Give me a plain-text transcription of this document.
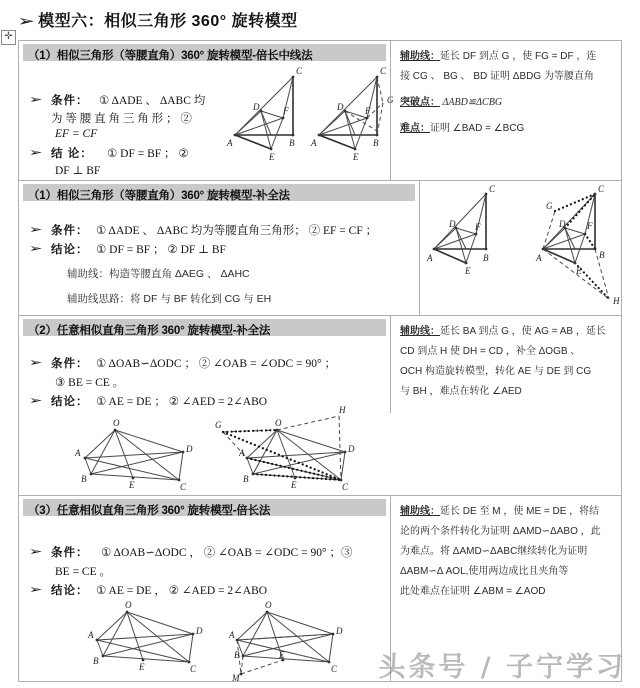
➢ 模型六：相似三角形 360° 旋转模型
✛
（1）相似三角形（等腰直角）360° 旋转模型-倍长中线法
➢ 条件： ① ΔADE 、 ΔABC 均
为 等 腰 直 角 三 角 形 ； ②
EF = CF
➢ 结 论： ① DF = BF ； ②
DF ⊥ BF
A	B
C
D
E
F
A	B
C
D
E
F
G
辅助线：延长 DF 到点 G ，使 FG = DF ，连
接 CG 、 BG 、 BD 证明 ΔBDG 为等腰直角
突破点： ΔABD≌ΔCBG
难点：证明 ∠BAD = ∠BCG
（1）相似三角形（等腰直角）360° 旋转模型-补全法
➢ 条件： ① ΔADE 、 ΔABC 均为等腰直角三角形； ② EF = CF ；
➢ 结论： ① DF = BF ； ② DF ⊥ BF
辅助线：构造等腰直角 ΔAEG 、 ΔAHC
辅助线思路：将 DF 与 BF 转化到 CG 与 EH
A	B
C
D
E
F
A	B
C
D
E
F
G
H
（2）任意相似直角三角形 360° 旋转模型-补全法
➢ 条件： ① ΔOAB∽ΔODC ； ② ∠OAB = ∠ODC = 90° ；
③ BE = CE 。
➢ 结论： ① AE = DE ； ② ∠AED = 2∠ABO
辅助线：延长 BA 到点 G ，使 AG = AB ，延长
CD 到点 H 使 DH = CD ，补全 ΔOGB 、
OCH 构造旋转模型，转化 AE 与 DE 到 CG
与 BH ，难点在转化 ∠AED
A
B
O
D
C
E
A
B
O
D
C
E
G
H
（3）任意相似直角三角形 360° 旋转模型-倍长法
➢ 条件： ① ΔOAB∽ΔODC ， ② ∠OAB = ∠ODC = 90° ；③
BE = CE 。
➢ 结论： ① AE = DE ， ② ∠AED = 2∠ABO
A
B
O
D
C
E
A
B
O
D
C
E
M
辅助线：延长 DE 至 M ，使 ME = DE ，将结
论的两个条件转化为证明 ΔAMD∽ΔABO ，此
为难点。将 ΔAMD∽ΔABC继续转化为证明
ΔABM∽Δ AOL,使用两边成比且夹角等
此处难点在证明 ∠ABM = ∠AOD
头条号 / 子宁学习
